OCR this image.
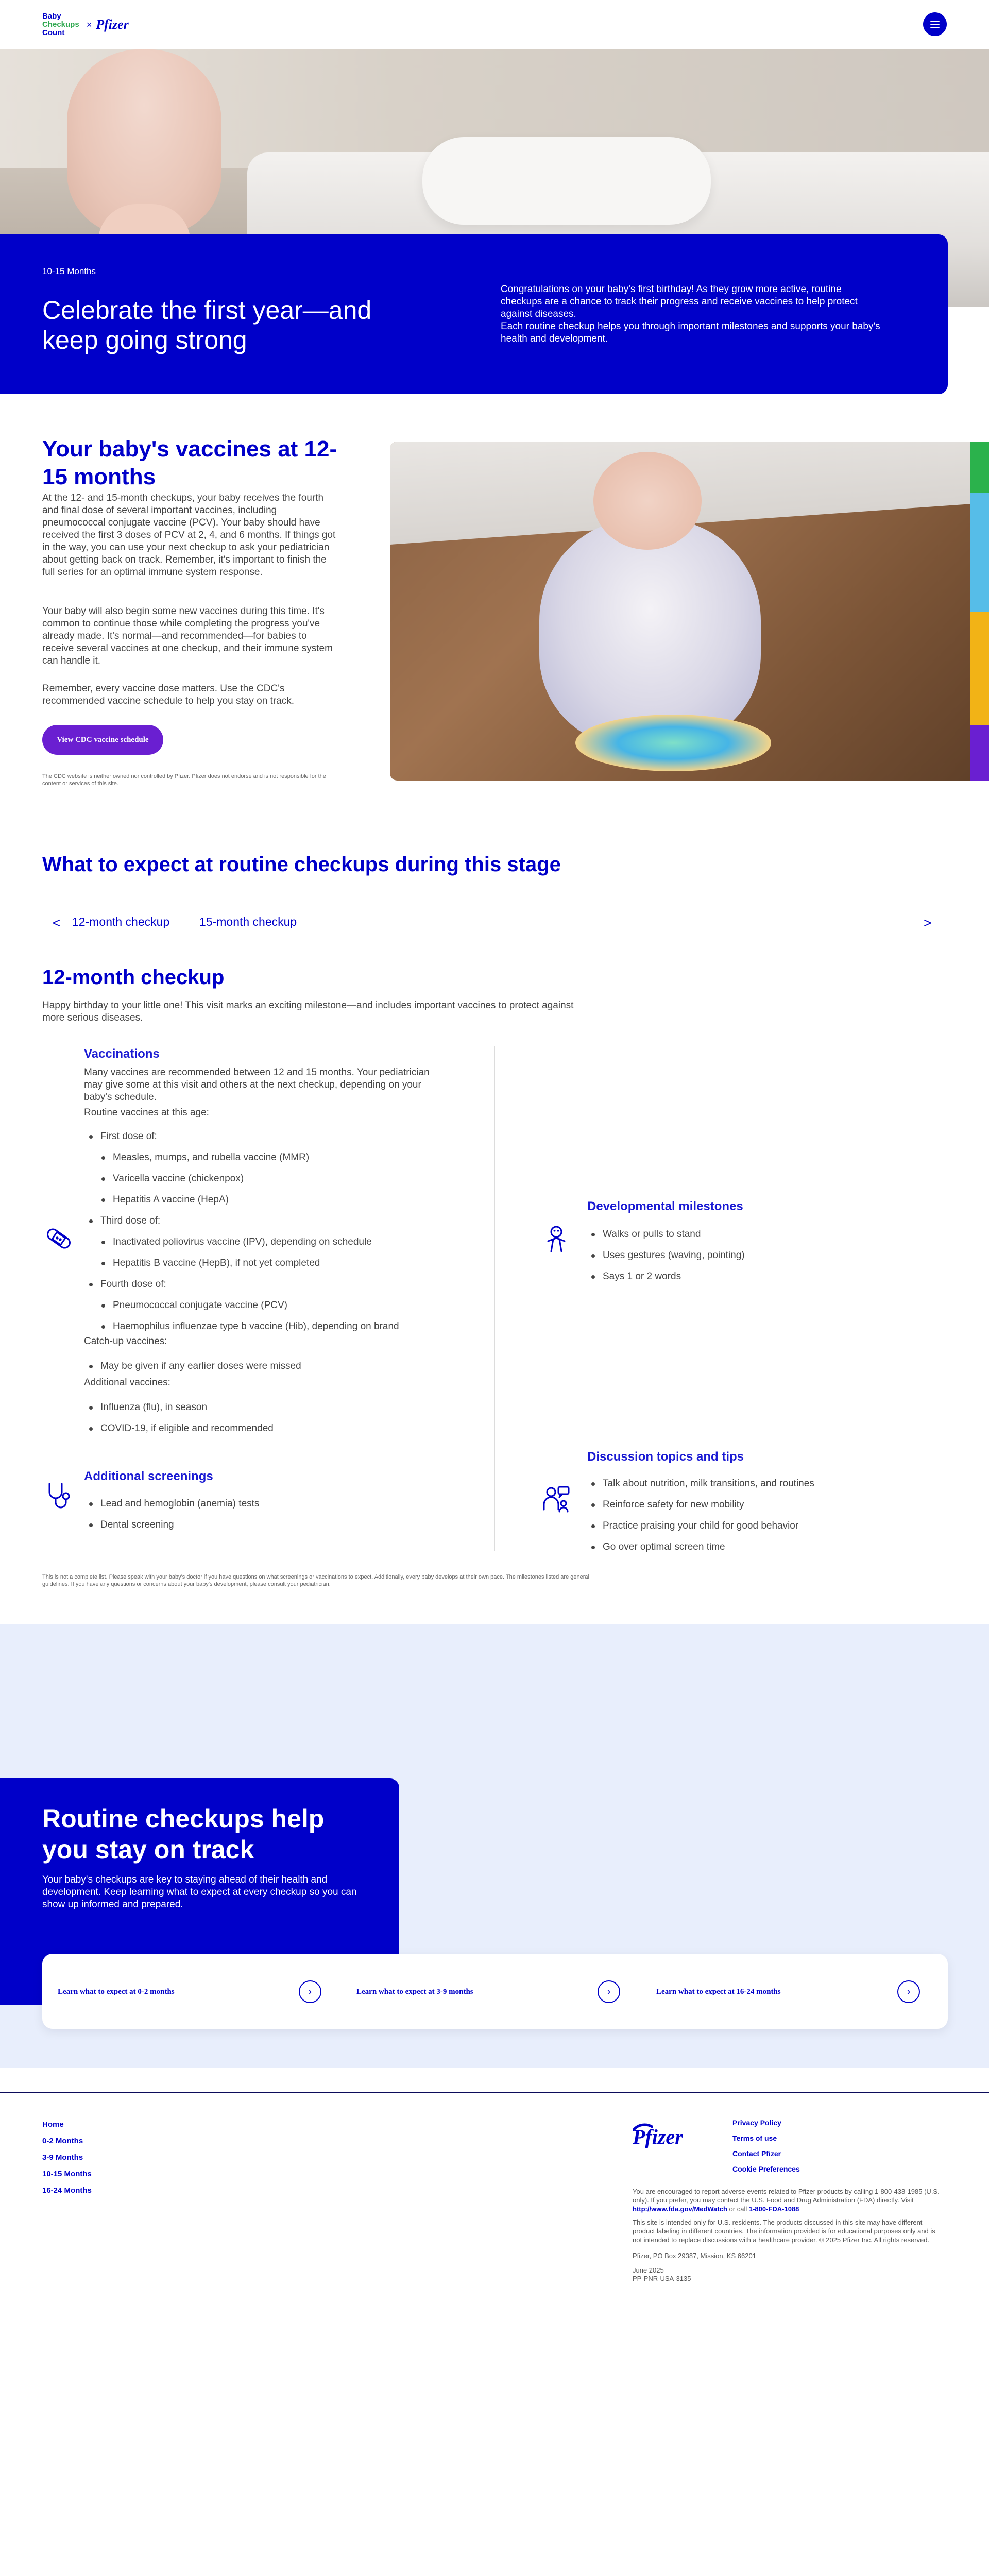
Baby
Checkups
Count
× Pfizer
10-15 Months
Celebrate the first year—and keep going strong

Congratulations on your baby's first birthday! As they grow more active, routine checkups are a chance to track their progress and receive vaccines to help protect against diseases.

Each routine checkup helps you through important milestones and supports your baby's health and development.

Your baby's vaccines at 12-15 months

At the 12- and 15-month checkups, your baby receives the fourth and final dose of several important vaccines, including pneumococcal conjugate vaccine (PCV). Your baby should have received the first 3 doses of PCV at 2, 4, and 6 months. If things got in the way, you can use your next checkup to ask your pediatrician about getting back on track. Remember, it's important to finish the full series for an optimal immune system response.

Your baby will also begin some new vaccines during this time. It's common to continue those while completing the progress you've already made. It's normal—and recommended—for babies to receive several vaccines at one checkup, and their immune system can handle it.

Remember, every vaccine dose matters. Use the CDC's recommended vaccine schedule to help you stay on track.

View CDC vaccine schedule

The CDC website is neither owned nor controlled by Pfizer. Pfizer does not endorse and is not responsible for the content or services of this site.

What to expect at routine checkups during this stage
< 12-month checkup	15-month checkup	>
12-month checkup

Happy birthday to your little one! This visit marks an exciting milestone—and includes important vaccines to protect against more serious diseases.

Vaccinations

Many vaccines are recommended between 12 and 15 months. Your pediatrician may give some at this visit and others at the next checkup, depending on your baby's schedule.

Routine vaccines at this age:

First dose of:
Measles, mumps, and rubella vaccine (MMR)
Varicella vaccine (chickenpox)
Hepatitis A vaccine (HepA)
Third dose of:
Inactivated poliovirus vaccine (IPV), depending on schedule
Hepatitis B vaccine (HepB), if not yet completed
Fourth dose of:
Pneumococcal conjugate vaccine (PCV)
Haemophilus influenzae type b vaccine (Hib), depending on brand

Catch-up vaccines:

May be given if any earlier doses were missed

Additional vaccines:

Influenza (flu), in season
COVID-19, if eligible and recommended
Additional screenings
Lead and hemoglobin (anemia) tests
Dental screening
Developmental milestones
Walks or pulls to stand
Uses gestures (waving, pointing)
Says 1 or 2 words
Discussion topics and tips
Talk about nutrition, milk transitions, and routines
Reinforce safety for new mobility
Practice praising your child for good behavior
Go over optimal screen time

This is not a complete list. Please speak with your baby's doctor if you have questions on what screenings or vaccinations to expect. Additionally, every baby develops at their own pace. The milestones listed are general guidelines. If you have any questions or concerns about your baby's development, please consult your pediatrician.

Routine checkups help you stay on track

Your baby's checkups are key to staying ahead of their health and development. Keep learning what to expect at every checkup so you can show up informed and prepared.

Learn what to expect at 0-2 months	›	Learn what to expect at 3-9 months	›	Learn what to expect at 16-24 months	›
Home
0-2 Months
3-9 Months
10-15 Months
16-24 Months
Pfizer
Privacy Policy
Terms of use
Contact Pfizer
Cookie Preferences
You are encouraged to report adverse events related to Pfizer products by calling 1-800-438-1985 (U.S. only). If you prefer, you may contact the U.S. Food and Drug Administration (FDA) directly. Visit http://www.fda.gov/MedWatch or call 1-800-FDA-1088

This site is intended only for U.S. residents. The products discussed in this site may have different product labeling in different countries. The information provided is for educational purposes only and is not intended to replace discussions with a healthcare provider. © 2025 Pfizer Inc. All rights reserved.

Pfizer, PO Box 29387, Mission, KS 66201

June 2025

PP-PNR-USA-3135
